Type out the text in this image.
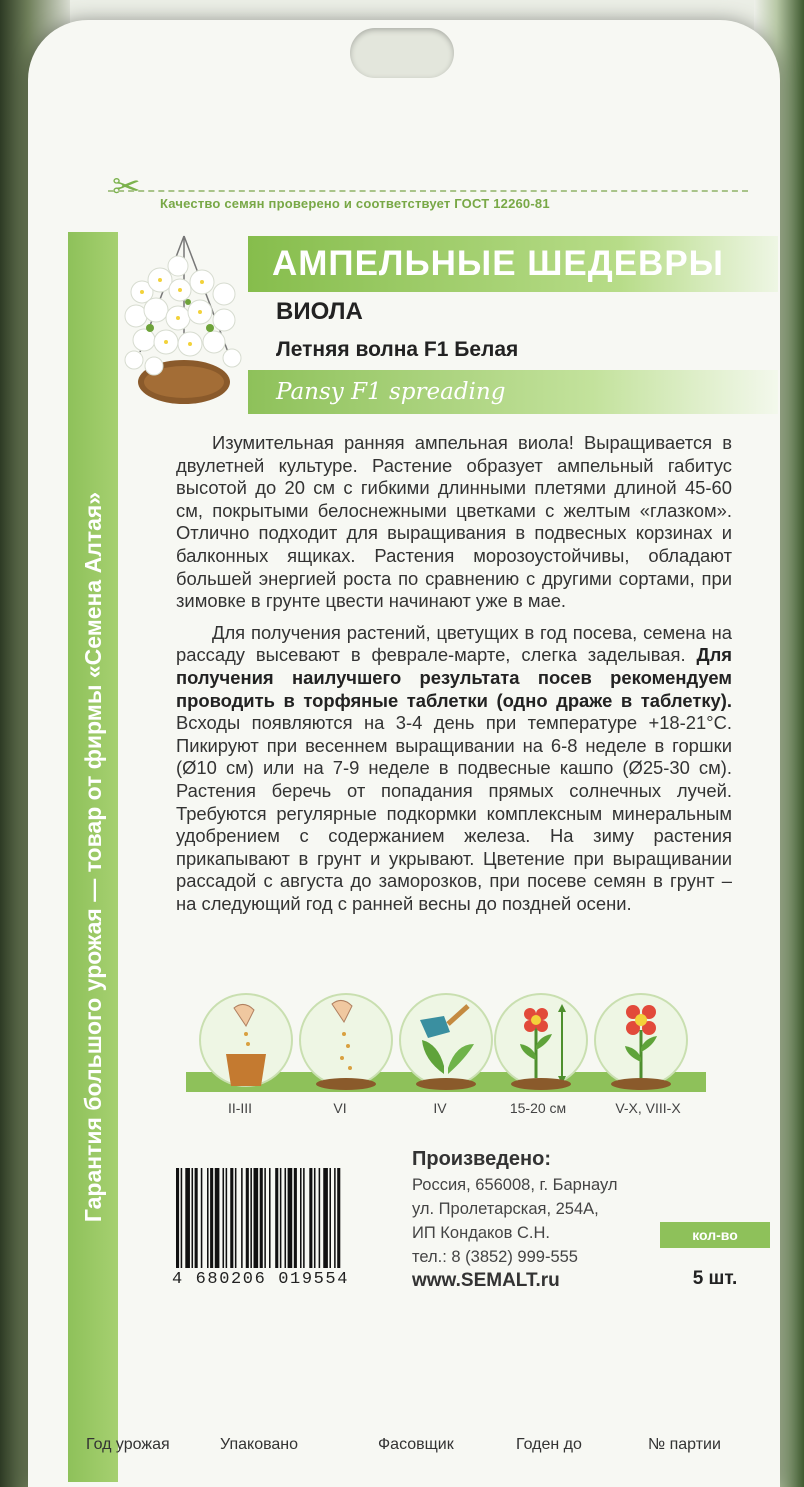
✂ Качество семян проверено и соответствует ГОСТ 12260-81
Гарантия большого урожая — товар от фирмы «Семена Алтая»
АМПЕЛЬНЫЕ ШЕДЕВРЫ
ВИОЛА
Летняя волна F1 Белая
Pansy F1 spreading

Изумительная ранняя ампельная виола! Выращивается в двулетней культуре. Растение образует ампельный габитус высотой до 20 см с гибкими длинными плетями длиной 45-60 см, покрытыми белоснежными цветками с желтым «глазком». Отлично подходит для выращивания в подвесных корзинах и балконных ящиках. Растения морозоустойчивы, обладают большей энергией роста по сравнению с другими сортами, при зимовке в грунте цвести начинают уже в мае.

Для получения растений, цветущих в год посева, семена на рассаду высевают в феврале-марте, слегка заделывая. Для получения наилучшего результата посев рекомендуем проводить в торфяные таблетки (одно драже в таблетку). Всходы появляются на 3-4 день при температуре +18-21°С. Пикируют при весеннем выращивании на 6-8 неделе в горшки (Ø10 см) или на 7-9 неделе в подвесные кашпо (Ø25-30 см). Растения беречь от попадания прямых солнечных лучей. Требуются регулярные подкормки комплексным минеральным удобрением с содержанием железа. На зиму растения прикапывают в грунт и укрывают. Цветение при выращивании рассадой с августа до заморозков, при посеве семян в грунт – на следующий год с ранней весны до поздней осени.

II-III	VI	IV	15-20 см	V-X, VIII-X
4 680206 019554
Произведено:
Россия, 656008, г. Барнаул
ул. Пролетарская, 254А,
ИП Кондаков С.Н.
тел.: 8 (3852) 999-555
www.SEMALT.ru
кол-во
5 шт.
Год урожая	Упаковано	Фасовщик	Годен до	№ партии
